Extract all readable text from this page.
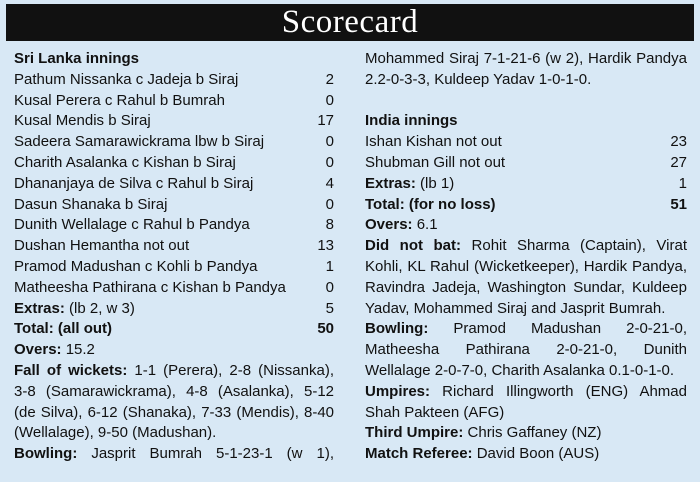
Scorecard
Sri Lanka innings
Pathum Nissanka c Jadeja b Siraj	2
Kusal Perera c Rahul b Bumrah	0
Kusal Mendis b Siraj	17
Sadeera Samarawickrama lbw b Siraj	0
Charith Asalanka c Kishan b Siraj	0
Dhananjaya de Silva c Rahul b Siraj	4
Dasun Shanaka b Siraj	0
Dunith Wellalage c Rahul b Pandya	8
Dushan Hemantha not out	13
Pramod Madushan c Kohli b Pandya	1
Matheesha Pathirana c Kishan b Pandya	0
Extras: (lb 2, w 3)	5
Total: (all out)	50
Overs: 15.2
Fall of wickets: 1-1 (Perera), 2-8 (Nissanka), 3-8 (Samarawickrama), 4-8 (Asalanka), 5-12 (de Silva), 6-12 (Shanaka), 7-33 (Mendis), 8-40 (Wellalage), 9-50 (Madushan).
Bowling: Jasprit Bumrah 5-1-23-1 (w 1),
Mohammed Siraj 7-1-21-6 (w 2), Hardik Pandya 2.2-0-3-3, Kuldeep Yadav 1-0-1-0.
India innings
Ishan Kishan not out	23
Shubman Gill not out	27
Extras: (lb 1)	1
Total: (for no loss)	51
Overs: 6.1
Did not bat: Rohit Sharma (Captain), Virat Kohli, KL Rahul (Wicketkeeper), Hardik Pandya, Ravindra Jadeja, Washington Sundar, Kuldeep Yadav, Mohammed Siraj and Jasprit Bumrah.
Bowling: Pramod Madushan 2-0-21-0, Matheesha Pathirana 2-0-21-0, Dunith Wellalage 2-0-7-0, Charith Asalanka 0.1-0-1-0.
Umpires: Richard Illingworth (ENG) Ahmad Shah Pakteen (AFG)
Third Umpire: Chris Gaffaney (NZ)
Match Referee: David Boon (AUS)
